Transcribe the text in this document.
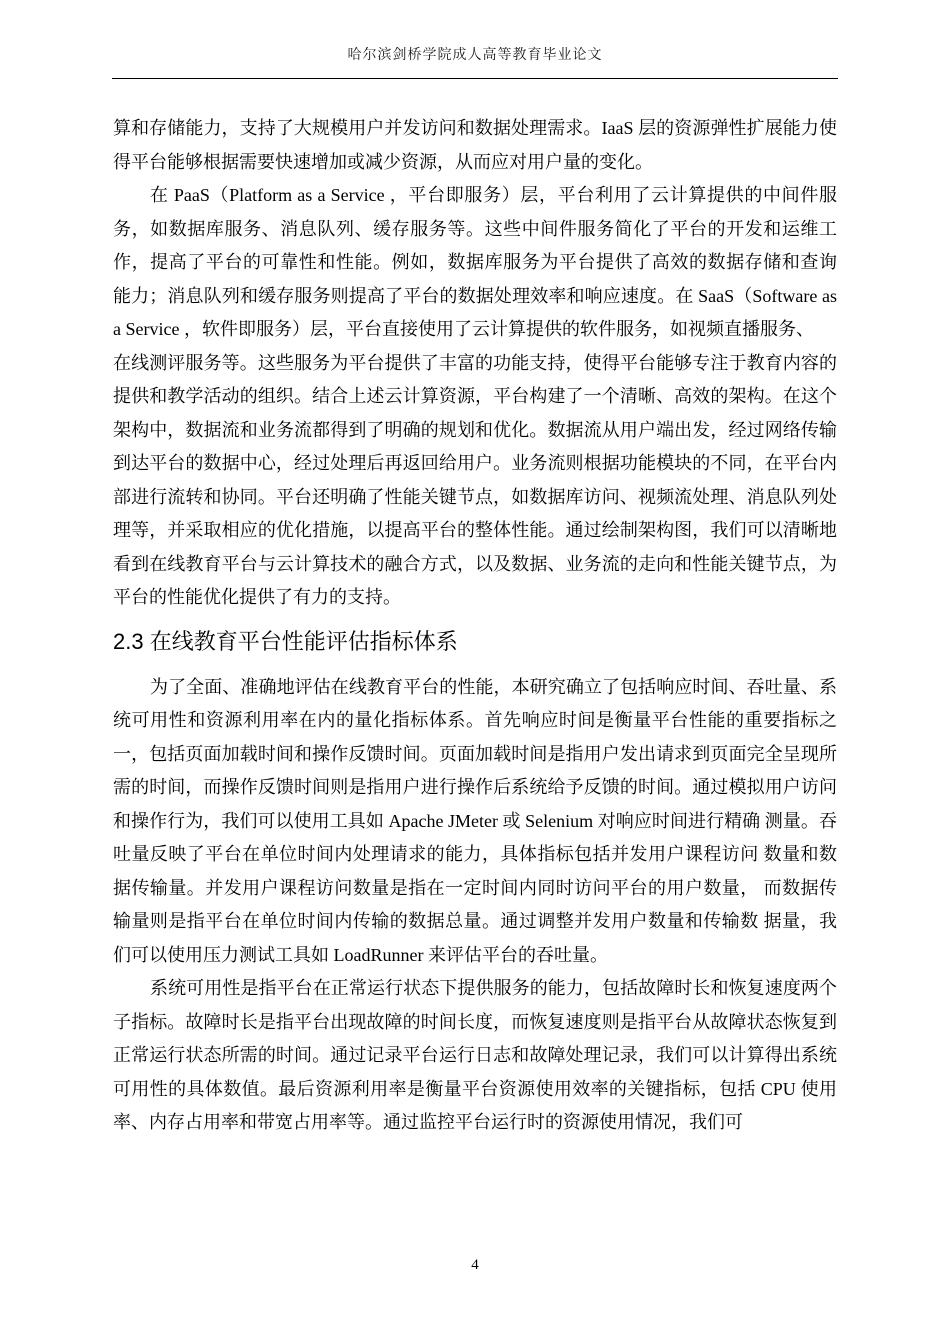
哈尔滨剑桥学院成人高等教育毕业论文

算和存储能力，支持了大规模用户并发访问和数据处理需求。IaaS 层的资源弹性扩展能力使得平台能够根据需要快速增加或减少资源，从而应对用户量的变化。

在 PaaS（Platform as a Service ，平台即服务）层，平台利用了云计算提供的中间件服 务，如数据库服务、消息队列、缓存服务等。这些中间件服务简化了平台的开发和运维工 作，提高了平台的可靠性和性能。例如，数据库服务为平台提供了高效的数据存储和查询 能力；消息队列和缓存服务则提高了平台的数据处理效率和响应速度。在 SaaS（Software as a Service ，软件即服务）层，平台直接使用了云计算提供的软件服务，如视频直播服务、

在线测评服务等。这些服务为平台提供了丰富的功能支持，使得平台能够专注于教育内容的提供和教学活动的组织。结合上述云计算资源，平台构建了一个清晰、高效的架构。在这个架构中，数据流和业务流都得到了明确的规划和优化。数据流从用户端出发，经过网络传输到达平台的数据中心，经过处理后再返回给用户。业务流则根据功能模块的不同，在平台内部进行流转和协同。平台还明确了性能关键节点，如数据库访问、视频流处理、消息队列处理等，并采取相应的优化措施，以提高平台的整体性能。通过绘制架构图，我们可以清晰地看到在线教育平台与云计算技术的融合方式，以及数据、业务流的走向和性能关键节点，为平台的性能优化提供了有力的支持。

2.3 在线教育平台性能评估指标体系

为了全面、准确地评估在线教育平台的性能，本研究确立了包括响应时间、吞吐量、系统可用性和资源利用率在内的量化指标体系。首先响应时间是衡量平台性能的重要指标之一，包括页面加载时间和操作反馈时间。页面加载时间是指用户发出请求到页面完全呈现所需的时间，而操作反馈时间则是指用户进行操作后系统给予反馈的时间。通过模拟用户访问和操作行为，我们可以使用工具如 Apache JMeter 或 Selenium 对响应时间进行精确 测量。吞吐量反映了平台在单位时间内处理请求的能力，具体指标包括并发用户课程访问 数量和数据传输量。并发用户课程访问数量是指在一定时间内同时访问平台的用户数量， 而数据传输量则是指平台在单位时间内传输的数据总量。通过调整并发用户数量和传输数 据量，我们可以使用压力测试工具如 LoadRunner 来评估平台的吞吐量。

系统可用性是指平台在正常运行状态下提供服务的能力，包括故障时长和恢复速度两个子指标。故障时长是指平台出现故障的时间长度，而恢复速度则是指平台从故障状态恢复到正常运行状态所需的时间。通过记录平台运行日志和故障处理记录，我们可以计算得出系统可用性的具体数值。最后资源利用率是衡量平台资源使用效率的关键指标，包括 CPU 使用率、内存占用率和带宽占用率等。通过监控平台运行时的资源使用情况，我们可

4
